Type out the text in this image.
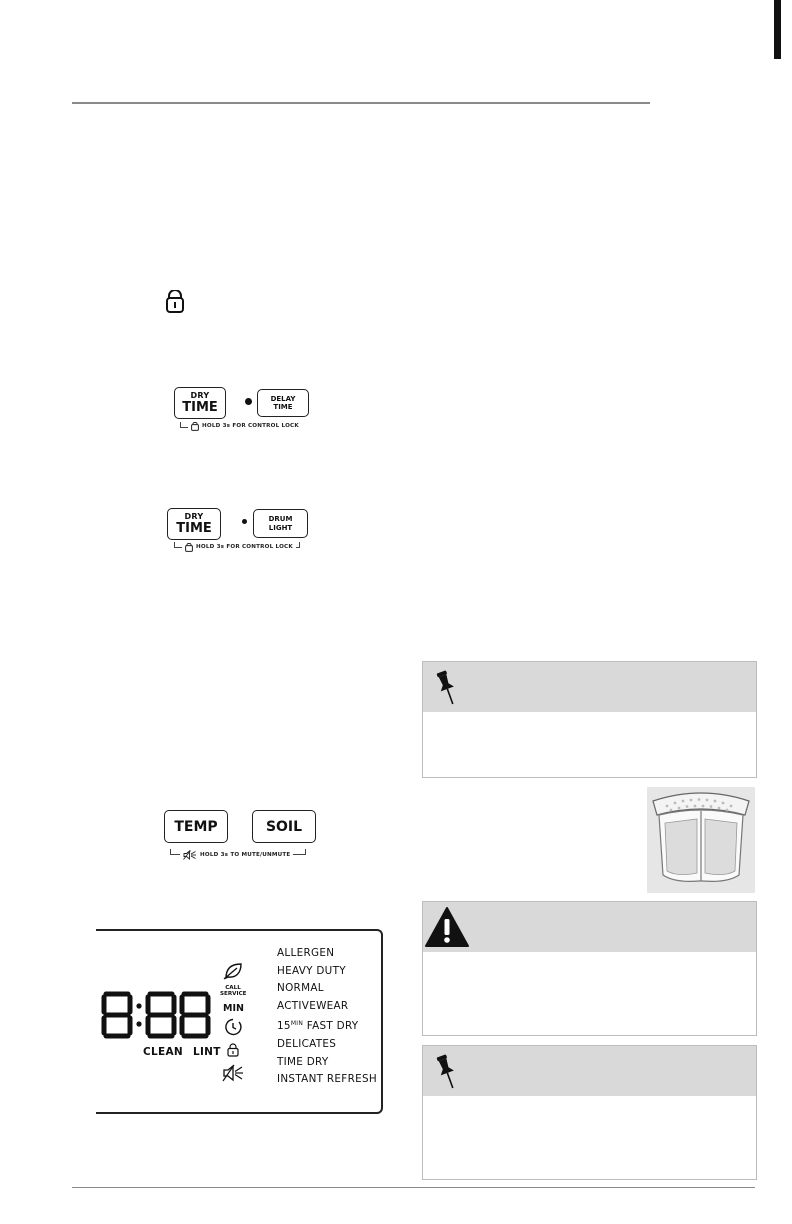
DRY
TIME
DELAY
TIME
HOLD 3s FOR CONTROL LOCK
DRY
TIME
DRUM
LIGHT
HOLD 3s FOR CONTROL LOCK
TEMP	SOIL
HOLD 3s TO MUTE/UNMUTE
CLEAN LINT
CALL
SERVICE
MIN
ALLERGEN
HEAVY DUTY
NORMAL
ACTIVEWEAR
$15^{MIN}$ FAST DRY
DELICATES
TIME DRY
INSTANT REFRESH
